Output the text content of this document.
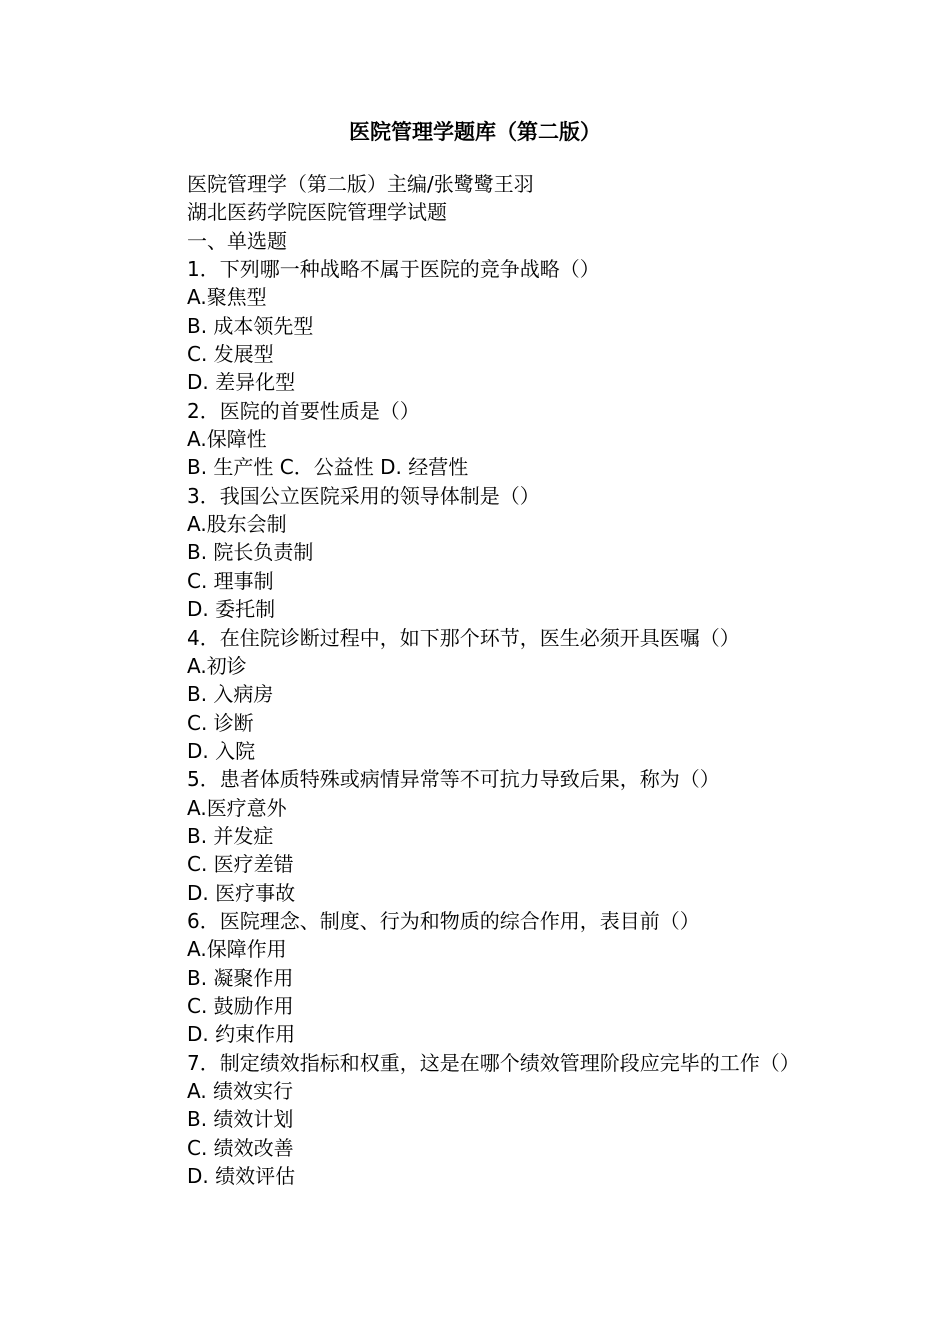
医院管理学题库（第二版）
医院管理学（第二版）主编/张鹭鹭王羽
湖北医药学院医院管理学试题
一、单选题
1．下列哪一种战略不属于医院的竞争战略（）
A.聚焦型
B. 成本领先型
C. 发展型
D. 差异化型
2．医院的首要性质是（）
A.保障性
B. 生产性 C．公益性 D. 经营性
3．我国公立医院采用的领导体制是（）
A.股东会制
B. 院长负责制
C. 理事制
D. 委托制
4．在住院诊断过程中，如下那个环节，医生必须开具医嘱（）
A.初诊
B. 入病房
C. 诊断
D. 入院
5．患者体质特殊或病情异常等不可抗力导致后果，称为（）
A.医疗意外
B. 并发症
C. 医疗差错
D. 医疗事故
6．医院理念、制度、行为和物质的综合作用，表目前（）
A.保障作用
B. 凝聚作用
C. 鼓励作用
D. 约束作用
7．制定绩效指标和权重，这是在哪个绩效管理阶段应完毕的工作（）
A. 绩效实行
B. 绩效计划
C. 绩效改善
D. 绩效评估
